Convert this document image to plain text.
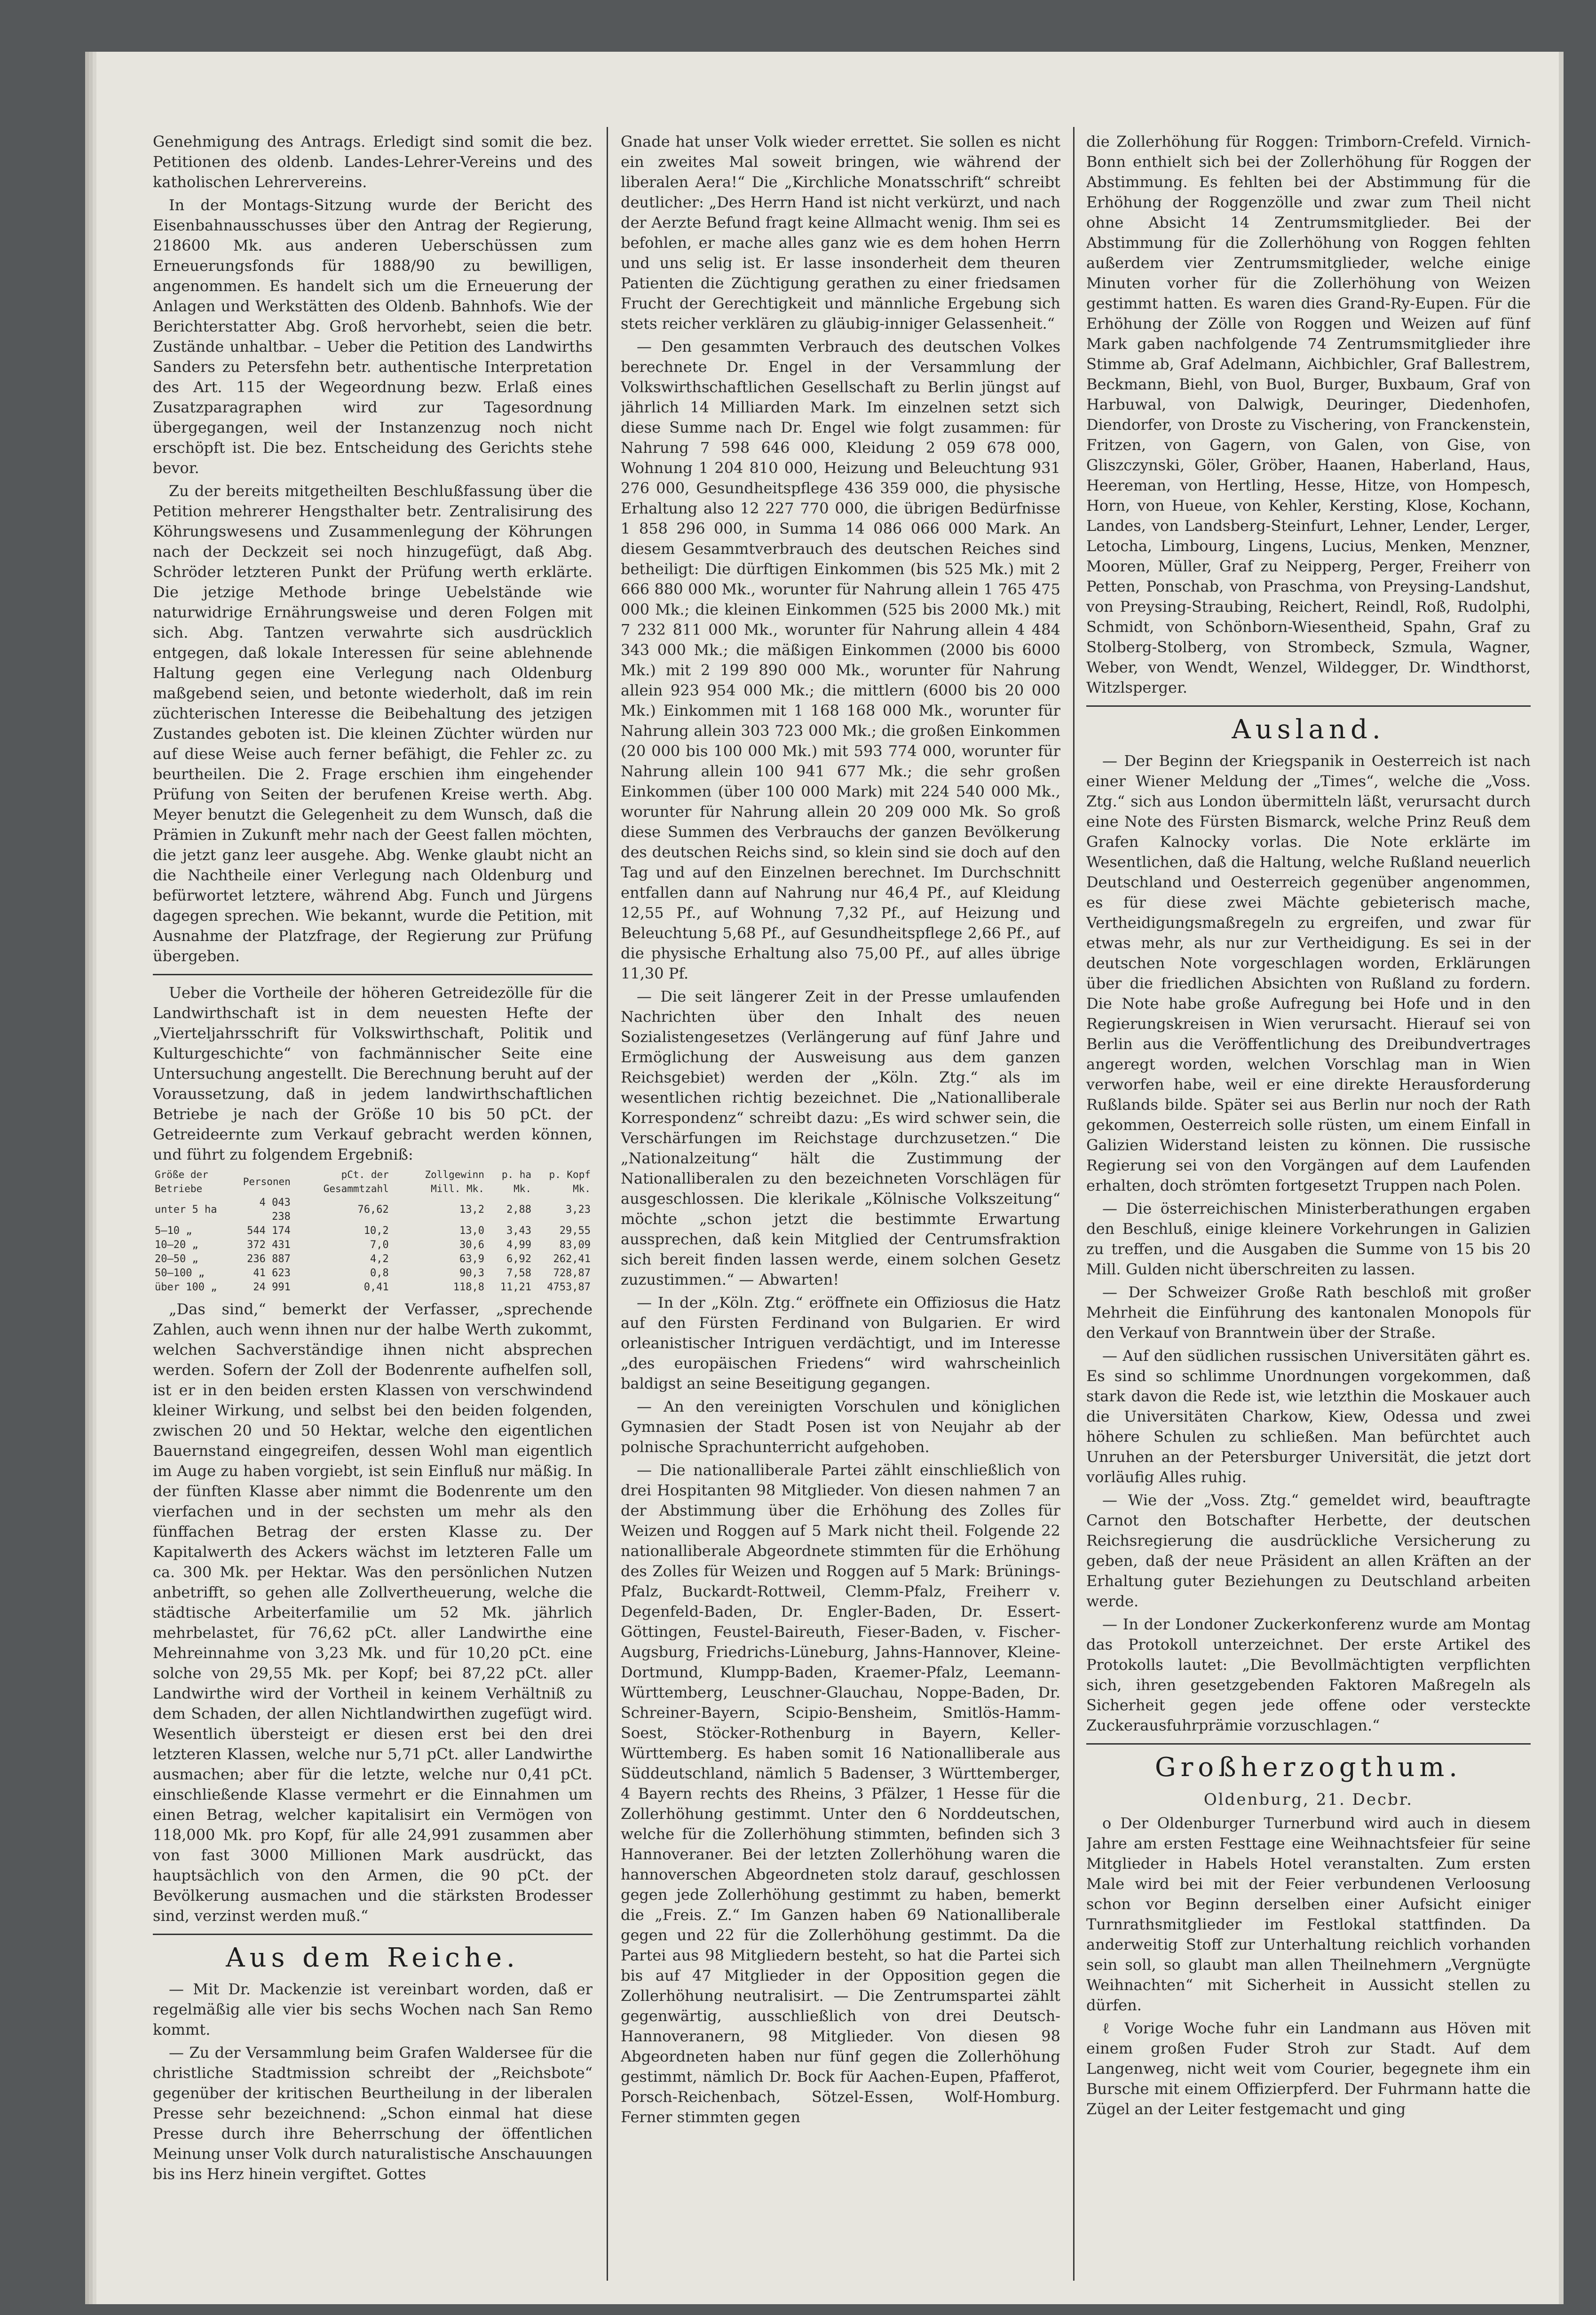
Genehmigung des Antrags. Erledigt sind somit die bez. Petitionen des oldenb. Landes-Lehrer-Vereins und des katholischen Lehrervereins.

In der Montags-Sitzung wurde der Bericht des Eisenbahnausschusses über den Antrag der Regierung, 218600 Mk. aus anderen Ueberschüssen zum Erneuerungsfonds für 1888/90 zu bewilligen, angenommen. Es handelt sich um die Erneuerung der Anlagen und Werkstätten des Oldenb. Bahnhofs. Wie der Berichterstatter Abg. Groß hervorhebt, seien die betr. Zustände unhaltbar. – Ueber die Petition des Landwirths Sanders zu Petersfehn betr. authentische Interpretation des Art. 115 der Wegeordnung bezw. Erlaß eines Zusatzparagraphen wird zur Tagesordnung übergegangen, weil der Instanzenzug noch nicht erschöpft ist. Die bez. Entscheidung des Gerichts stehe bevor.

Zu der bereits mitgetheilten Beschlußfassung über die Petition mehrerer Hengsthalter betr. Zentralisirung des Köhrungswesens und Zusammenlegung der Köhrungen nach der Deckzeit sei noch hinzugefügt, daß Abg. Schröder letzteren Punkt der Prüfung werth erklärte. Die jetzige Methode bringe Uebelstände wie naturwidrige Ernährungsweise und deren Folgen mit sich. Abg. Tantzen verwahrte sich ausdrücklich entgegen, daß lokale Interessen für seine ablehnende Haltung gegen eine Verlegung nach Oldenburg maßgebend seien, und betonte wiederholt, daß im rein züchterischen Interesse die Beibehaltung des jetzigen Zustandes geboten ist. Die kleinen Züchter würden nur auf diese Weise auch ferner befähigt, die Fehler zc. zu beurtheilen. Die 2. Frage erschien ihm eingehender Prüfung von Seiten der berufenen Kreise werth. Abg. Meyer benutzt die Gelegenheit zu dem Wunsch, daß die Prämien in Zukunft mehr nach der Geest fallen möchten, die jetzt ganz leer ausgehe. Abg. Wenke glaubt nicht an die Nachtheile einer Verlegung nach Oldenburg und befürwortet letztere, während Abg. Funch und Jürgens dagegen sprechen. Wie bekannt, wurde die Petition, mit Ausnahme der Platzfrage, der Regierung zur Prüfung übergeben.

Ueber die Vortheile der höheren Getreidezölle für die Landwirthschaft ist in dem neuesten Hefte der „Vierteljahrsschrift für Volkswirthschaft, Politik und Kulturgeschichte“ von fachmännischer Seite eine Untersuchung angestellt. Die Berechnung beruht auf der Voraussetzung, daß in jedem landwirthschaftlichen Betriebe je nach der Größe 10 bis 50 pCt. der Getreideernte zum Verkauf gebracht werden können, und führt zu folgendem Ergebniß:

Größe der Betriebe	Personen	pCt. der Gesammtzahl	Zollgewinn Mill. Mk.	p. ha Mk.	p. Kopf Mk.
unter 5 ha	4 043 238	76,62	13,2	2,88	3,23
5–10 „	544 174	10,2	13,0	3,43	29,55
10–20 „	372 431	7,0	30,6	4,99	83,09
20–50 „	236 887	4,2	63,9	6,92	262,41
50–100 „	41 623	0,8	90,3	7,58	728,87
über 100 „	24 991	0,41	118,8	11,21	4753,87

„Das sind,“ bemerkt der Verfasser, „sprechende Zahlen, auch wenn ihnen nur der halbe Werth zukommt, welchen Sachverständige ihnen nicht absprechen werden. Sofern der Zoll der Bodenrente aufhelfen soll, ist er in den beiden ersten Klassen von verschwindend kleiner Wirkung, und selbst bei den beiden folgenden, zwischen 20 und 50 Hektar, welche den eigentlichen Bauernstand eingegreifen, dessen Wohl man eigentlich im Auge zu haben vorgiebt, ist sein Einfluß nur mäßig. In der fünften Klasse aber nimmt die Bodenrente um den vierfachen und in der sechsten um mehr als den fünffachen Betrag der ersten Klasse zu. Der Kapitalwerth des Ackers wächst im letzteren Falle um ca. 300 Mk. per Hektar. Was den persönlichen Nutzen anbetrifft, so gehen alle Zollvertheuerung, welche die städtische Arbeiterfamilie um 52 Mk. jährlich mehrbelastet, für 76,62 pCt. aller Landwirthe eine Mehreinnahme von 3,23 Mk. und für 10,20 pCt. eine solche von 29,55 Mk. per Kopf; bei 87,22 pCt. aller Landwirthe wird der Vortheil in keinem Verhältniß zu dem Schaden, der allen Nichtlandwirthen zugefügt wird. Wesentlich übersteigt er diesen erst bei den drei letzteren Klassen, welche nur 5,71 pCt. aller Landwirthe ausmachen; aber für die letzte, welche nur 0,41 pCt. einschließende Klasse vermehrt er die Einnahmen um einen Betrag, welcher kapitalisirt ein Vermögen von 118,000 Mk. pro Kopf, für alle 24,991 zusammen aber von fast 3000 Millionen Mark ausdrückt, das hauptsächlich von den Armen, die 90 pCt. der Bevölkerung ausmachen und die stärksten Brodesser sind, verzinst werden muß.“

Aus dem Reiche.

— Mit Dr. Mackenzie ist vereinbart worden, daß er regelmäßig alle vier bis sechs Wochen nach San Remo kommt.

— Zu der Versammlung beim Grafen Waldersee für die christliche Stadtmission schreibt der „Reichsbote“ gegenüber der kritischen Beurtheilung in der liberalen Presse sehr bezeichnend: „Schon einmal hat diese Presse durch ihre Beherrschung der öffentlichen Meinung unser Volk durch naturalistische Anschauungen bis ins Herz hinein vergiftet. Gottes

Gnade hat unser Volk wieder errettet. Sie sollen es nicht ein zweites Mal soweit bringen, wie während der liberalen Aera!“ Die „Kirchliche Monatsschrift“ schreibt deutlicher: „Des Herrn Hand ist nicht verkürzt, und nach der Aerzte Befund fragt keine Allmacht wenig. Ihm sei es befohlen, er mache alles ganz wie es dem hohen Herrn und uns selig ist. Er lasse insonderheit dem theuren Patienten die Züchtigung gerathen zu einer friedsamen Frucht der Gerechtigkeit und männliche Ergebung sich stets reicher verklären zu gläubig-inniger Gelassenheit.“

— Den gesammten Verbrauch des deutschen Volkes berechnete Dr. Engel in der Versammlung der Volkswirthschaftlichen Gesellschaft zu Berlin jüngst auf jährlich 14 Milliarden Mark. Im einzelnen setzt sich diese Summe nach Dr. Engel wie folgt zusammen: für Nahrung 7 598 646 000, Kleidung 2 059 678 000, Wohnung 1 204 810 000, Heizung und Beleuchtung 931 276 000, Gesundheitspflege 436 359 000, die physische Erhaltung also 12 227 770 000, die übrigen Bedürfnisse 1 858 296 000, in Summa 14 086 066 000 Mark. An diesem Gesammtverbrauch des deutschen Reiches sind betheiligt: Die dürftigen Einkommen (bis 525 Mk.) mit 2 666 880 000 Mk., worunter für Nahrung allein 1 765 475 000 Mk.; die kleinen Einkommen (525 bis 2000 Mk.) mit 7 232 811 000 Mk., worunter für Nahrung allein 4 484 343 000 Mk.; die mäßigen Einkommen (2000 bis 6000 Mk.) mit 2 199 890 000 Mk., worunter für Nahrung allein 923 954 000 Mk.; die mittlern (6000 bis 20 000 Mk.) Einkommen mit 1 168 168 000 Mk., worunter für Nahrung allein 303 723 000 Mk.; die großen Einkommen (20 000 bis 100 000 Mk.) mit 593 774 000, worunter für Nahrung allein 100 941 677 Mk.; die sehr großen Einkommen (über 100 000 Mark) mit 224 540 000 Mk., worunter für Nahrung allein 20 209 000 Mk. So groß diese Summen des Verbrauchs der ganzen Bevölkerung des deutschen Reichs sind, so klein sind sie doch auf den Tag und auf den Einzelnen berechnet. Im Durchschnitt entfallen dann auf Nahrung nur 46,4 Pf., auf Kleidung 12,55 Pf., auf Wohnung 7,32 Pf., auf Heizung und Beleuchtung 5,68 Pf., auf Gesundheitspflege 2,66 Pf., auf die physische Erhaltung also 75,00 Pf., auf alles übrige 11,30 Pf.

— Die seit längerer Zeit in der Presse umlaufenden Nachrichten über den Inhalt des neuen Sozialistengesetzes (Verlängerung auf fünf Jahre und Ermöglichung der Ausweisung aus dem ganzen Reichsgebiet) werden der „Köln. Ztg.“ als im wesentlichen richtig bezeichnet. Die „Nationalliberale Korrespondenz“ schreibt dazu: „Es wird schwer sein, die Verschärfungen im Reichstage durchzusetzen.“ Die „Nationalzeitung“ hält die Zustimmung der Nationalliberalen zu den bezeichneten Vorschlägen für ausgeschlossen. Die klerikale „Kölnische Volkszeitung“ möchte „schon jetzt die bestimmte Erwartung aussprechen, daß kein Mitglied der Centrumsfraktion sich bereit finden lassen werde, einem solchen Gesetz zuzustimmen.“ — Abwarten!

— In der „Köln. Ztg.“ eröffnete ein Offiziosus die Hatz auf den Fürsten Ferdinand von Bulgarien. Er wird orleanistischer Intriguen verdächtigt, und im Interesse „des europäischen Friedens“ wird wahrscheinlich baldigst an seine Beseitigung gegangen.

— An den vereinigten Vorschulen und königlichen Gymnasien der Stadt Posen ist von Neujahr ab der polnische Sprachunterricht aufgehoben.

— Die nationalliberale Partei zählt einschließlich von drei Hospitanten 98 Mitglieder. Von diesen nahmen 7 an der Abstimmung über die Erhöhung des Zolles für Weizen und Roggen auf 5 Mark nicht theil. Folgende 22 nationalliberale Abgeordnete stimmten für die Erhöhung des Zolles für Weizen und Roggen auf 5 Mark: Brünings-Pfalz, Buckardt-Rottweil, Clemm-Pfalz, Freiherr v. Degenfeld-Baden, Dr. Engler-Baden, Dr. Essert-Göttingen, Feustel-Baireuth, Fieser-Baden, v. Fischer-Augsburg, Friedrichs-Lüneburg, Jahns-Hannover, Kleine-Dortmund, Klumpp-Baden, Kraemer-Pfalz, Leemann-Württemberg, Leuschner-Glauchau, Noppe-Baden, Dr. Schreiner-Bayern, Scipio-Bensheim, Smitlös-Hamm-Soest, Stöcker-Rothenburg in Bayern, Keller-Württemberg. Es haben somit 16 Nationalliberale aus Süddeutschland, nämlich 5 Badenser, 3 Württemberger, 4 Bayern rechts des Rheins, 3 Pfälzer, 1 Hesse für die Zollerhöhung gestimmt. Unter den 6 Norddeutschen, welche für die Zollerhöhung stimmten, befinden sich 3 Hannoveraner. Bei der letzten Zollerhöhung waren die hannoverschen Abgeordneten stolz darauf, geschlossen gegen jede Zollerhöhung gestimmt zu haben, bemerkt die „Freis. Z.“ Im Ganzen haben 69 Nationalliberale gegen und 22 für die Zollerhöhung gestimmt. Da die Partei aus 98 Mitgliedern besteht, so hat die Partei sich bis auf 47 Mitglieder in der Opposition gegen die Zollerhöhung neutralisirt. — Die Zentrumspartei zählt gegenwärtig, ausschließlich von drei Deutsch-Hannoveranern, 98 Mitglieder. Von diesen 98 Abgeordneten haben nur fünf gegen die Zollerhöhung gestimmt, nämlich Dr. Bock für Aachen-Eupen, Pfafferot, Porsch-Reichenbach, Sötzel-Essen, Wolf-Homburg. Ferner stimmten gegen

die Zollerhöhung für Roggen: Trimborn-Crefeld. Virnich-Bonn enthielt sich bei der Zollerhöhung für Roggen der Abstimmung. Es fehlten bei der Abstimmung für die Erhöhung der Roggenzölle und zwar zum Theil nicht ohne Absicht 14 Zentrumsmitglieder. Bei der Abstimmung für die Zollerhöhung von Roggen fehlten außerdem vier Zentrumsmitglieder, welche einige Minuten vorher für die Zollerhöhung von Weizen gestimmt hatten. Es waren dies Grand-Ry-Eupen. Für die Erhöhung der Zölle von Roggen und Weizen auf fünf Mark gaben nachfolgende 74 Zentrumsmitglieder ihre Stimme ab, Graf Adelmann, Aichbichler, Graf Ballestrem, Beckmann, Biehl, von Buol, Burger, Buxbaum, Graf von Harbuwal, von Dalwigk, Deuringer, Diedenhofen, Diendorfer, von Droste zu Vischering, von Franckenstein, Fritzen, von Gagern, von Galen, von Gise, von Gliszczynski, Göler, Gröber, Haanen, Haberland, Haus, Heereman, von Hertling, Hesse, Hitze, von Hompesch, Horn, von Hueue, von Kehler, Kersting, Klose, Kochann, Landes, von Landsberg-Steinfurt, Lehner, Lender, Lerger, Letocha, Limbourg, Lingens, Lucius, Menken, Menzner, Mooren, Müller, Graf zu Neipperg, Perger, Freiherr von Petten, Ponschab, von Praschma, von Preysing-Landshut, von Preysing-Straubing, Reichert, Reindl, Roß, Rudolphi, Schmidt, von Schönborn-Wiesentheid, Spahn, Graf zu Stolberg-Stolberg, von Strombeck, Szmula, Wagner, Weber, von Wendt, Wenzel, Wildegger, Dr. Windthorst, Witzlsperger.

Ausland.

— Der Beginn der Kriegspanik in Oesterreich ist nach einer Wiener Meldung der „Times“, welche die „Voss. Ztg.“ sich aus London übermitteln läßt, verursacht durch eine Note des Fürsten Bismarck, welche Prinz Reuß dem Grafen Kalnocky vorlas. Die Note erklärte im Wesentlichen, daß die Haltung, welche Rußland neuerlich Deutschland und Oesterreich gegenüber angenommen, es für diese zwei Mächte gebieterisch mache, Vertheidigungsmaßregeln zu ergreifen, und zwar für etwas mehr, als nur zur Vertheidigung. Es sei in der deutschen Note vorgeschlagen worden, Erklärungen über die friedlichen Absichten von Rußland zu fordern. Die Note habe große Aufregung bei Hofe und in den Regierungskreisen in Wien verursacht. Hierauf sei von Berlin aus die Veröffentlichung des Dreibundvertrages angeregt worden, welchen Vorschlag man in Wien verworfen habe, weil er eine direkte Herausforderung Rußlands bilde. Später sei aus Berlin nur noch der Rath gekommen, Oesterreich solle rüsten, um einem Einfall in Galizien Widerstand leisten zu können. Die russische Regierung sei von den Vorgängen auf dem Laufenden erhalten, doch strömten fortgesetzt Truppen nach Polen.

— Die österreichischen Ministerberathungen ergaben den Beschluß, einige kleinere Vorkehrungen in Galizien zu treffen, und die Ausgaben die Summe von 15 bis 20 Mill. Gulden nicht überschreiten zu lassen.

— Der Schweizer Große Rath beschloß mit großer Mehrheit die Einführung des kantonalen Monopols für den Verkauf von Branntwein über der Straße.

— Auf den südlichen russischen Universitäten gährt es. Es sind so schlimme Unordnungen vorgekommen, daß stark davon die Rede ist, wie letzthin die Moskauer auch die Universitäten Charkow, Kiew, Odessa und zwei höhere Schulen zu schließen. Man befürchtet auch Unruhen an der Petersburger Universität, die jetzt dort vorläufig Alles ruhig.

— Wie der „Voss. Ztg.“ gemeldet wird, beauftragte Carnot den Botschafter Herbette, der deutschen Reichsregierung die ausdrückliche Versicherung zu geben, daß der neue Präsident an allen Kräften an der Erhaltung guter Beziehungen zu Deutschland arbeiten werde.

— In der Londoner Zuckerkonferenz wurde am Montag das Protokoll unterzeichnet. Der erste Artikel des Protokolls lautet: „Die Bevollmächtigten verpflichten sich, ihren gesetzgebenden Faktoren Maßregeln als Sicherheit gegen jede offene oder versteckte Zuckerausfuhrprämie vorzuschlagen.“

Großherzogthum.
Oldenburg, 21. Decbr.

o Der Oldenburger Turnerbund wird auch in diesem Jahre am ersten Festtage eine Weihnachtsfeier für seine Mitglieder in Habels Hotel veranstalten. Zum ersten Male wird bei mit der Feier verbundenen Verloosung schon vor Beginn derselben einer Aufsicht einiger Turnrathsmitglieder im Festlokal stattfinden. Da anderweitig Stoff zur Unterhaltung reichlich vorhanden sein soll, so glaubt man allen Theilnehmern „Vergnügte Weihnachten“ mit Sicherheit in Aussicht stellen zu dürfen.

ℓ Vorige Woche fuhr ein Landmann aus Höven mit einem großen Fuder Stroh zur Stadt. Auf dem Langenweg, nicht weit vom Courier, begegnete ihm ein Bursche mit einem Offizierpferd. Der Fuhrmann hatte die Zügel an der Leiter festgemacht und ging
